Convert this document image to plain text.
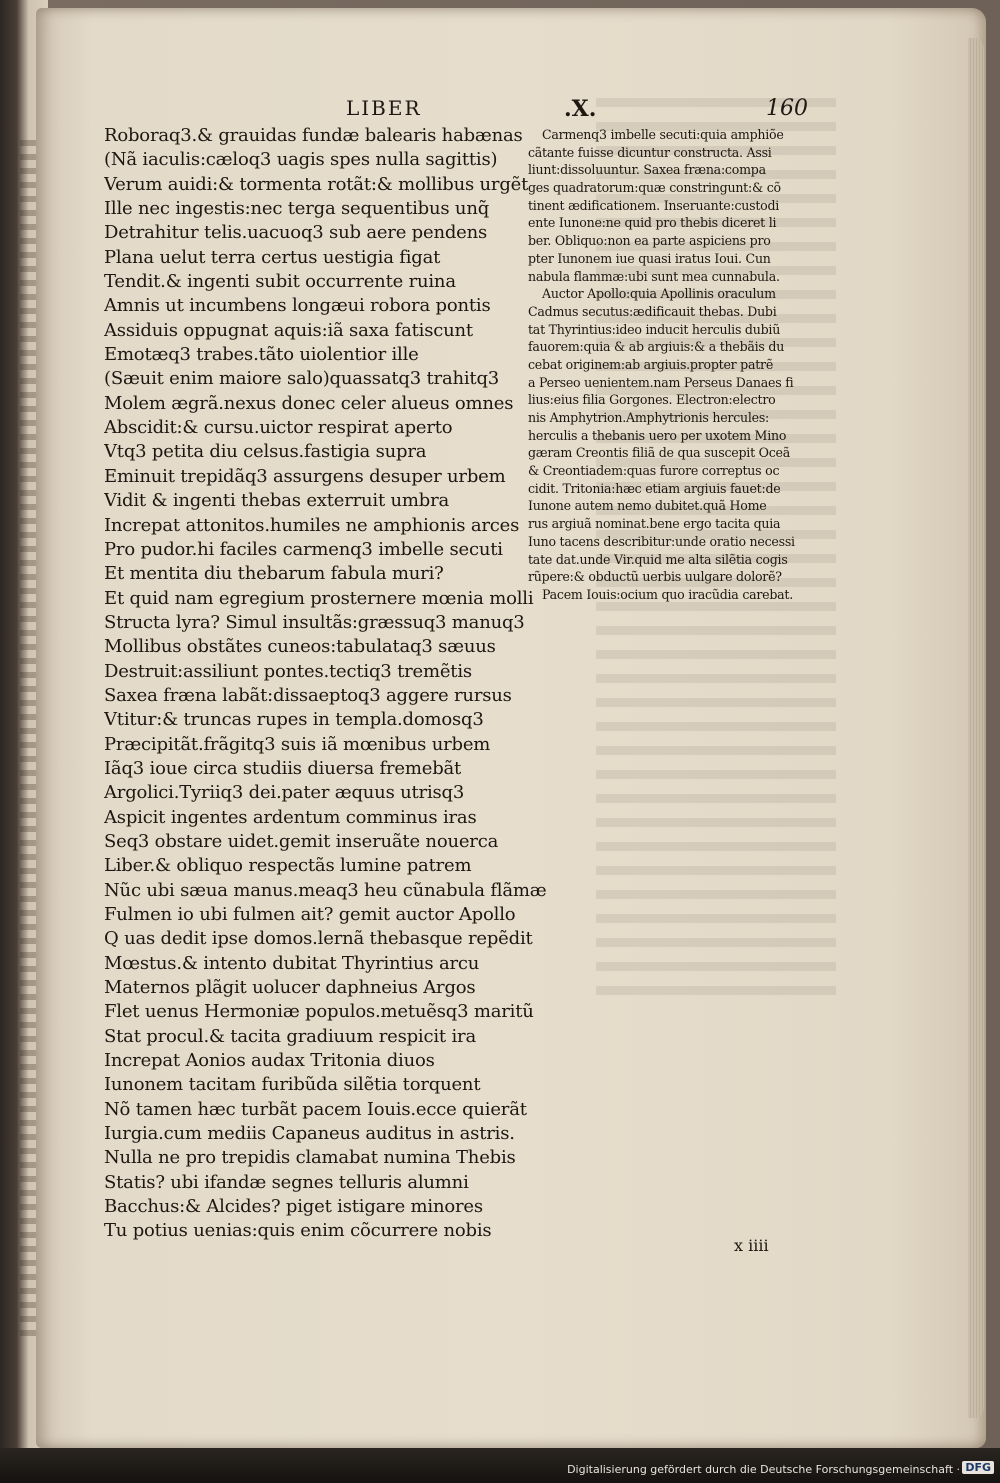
LIBER	.X.	160
Roboraq3.& grauidas fundæ balearis habænas
(Nã iaculis:cæloq3 uagis spes nulla sagittis)
Verum auidi:& tormenta rotãt:& mollibus urgẽt
Ille nec ingestis:nec terga sequentibus unq̃
Detrahitur telis.uacuoq3 sub aere pendens
Plana uelut terra certus uestigia figat
Tendit.& ingenti subit occurrente ruina
Amnis ut incumbens longæui robora pontis
Assiduis oppugnat aquis:iã saxa fatiscunt
Emotæq3 trabes.tãto uiolentior ille
(Sæuit enim maiore salo)quassatq3 trahitq3
Molem ægrã.nexus donec celer alueus omnes
Abscidit:& cursu.uictor respirat aperto
Vtq3 petita diu celsus.fastigia supra
Eminuit trepidãq3 assurgens desuper urbem
Vidit & ingenti thebas exterruit umbra
Increpat attonitos.humiles ne amphionis arces
Pro pudor.hi faciles carmenq3 imbelle secuti
Et mentita diu thebarum fabula muri?
Et quid nam egregium prosternere mœnia molli
Structa lyra? Simul insultãs:græssuq3 manuq3
Mollibus obstãtes cuneos:tabulataq3 sæuus
Destruit:assiliunt pontes.tectiq3 tremẽtis
Saxea fræna labãt:dissaeptoq3 aggere rursus
Vtitur:& truncas rupes in templa.domosq3
Præcipitãt.frãgitq3 suis iã mœnibus urbem
Iãq3 ioue circa studiis diuersa fremebãt
Argolici.Tyriiq3 dei.pater æquus utrisq3
Aspicit ingentes ardentum comminus iras
Seq3 obstare uidet.gemit inseruãte nouerca
Liber.& obliquo respectãs lumine patrem
Nũc ubi sæua manus.meaq3 heu cũnabula flãmæ
Fulmen io ubi fulmen ait? gemit auctor Apollo
Q uas dedit ipse domos.lernã thebasque repẽdit
Mœstus.& intento dubitat Thyrintius arcu
Maternos plãgit uolucer daphneius Argos
Flet uenus Hermoniæ populos.metuẽsq3 maritũ
Stat procul.& tacita gradiuum respicit ira
Increpat Aonios audax Tritonia diuos
Iunonem tacitam furibũda silẽtia torquent
Nõ tamen hæc turbãt pacem Iouis.ecce quierãt
Iurgia.cum mediis Capaneus auditus in astris.
Nulla ne pro trepidis clamabat numina Thebis
Statis? ubi ifandæ segnes telluris alumni
Bacchus:& Alcides? piget istigare minores
Tu potius uenias:quis enim cõcurrere nobis
Carmenq3 imbelle secuti:quia amphiõe
cãtante fuisse dicuntur constructa. Assi
liunt:dissoluuntur. Saxea fræna:compa
ges quadratorum:quæ constringunt:& cõ
tinent ædificationem. Inseruante:custodi
ente Iunone:ne quid pro thebis diceret li
ber. Obliquo:non ea parte aspiciens pro
pter Iunonem iue quasi iratus Ioui. Cun
nabula flammæ:ubi sunt mea cunnabula.
Auctor Apollo:quia Apollinis oraculum
Cadmus secutus:ædificauit thebas. Dubi
tat Thyrintius:ideo inducit herculis dubiũ
fauorem:quia & ab argiuis:& a thebãis du
cebat originem:ab argiuis.propter patrẽ
a Perseo uenientem.nam Perseus Danaes fi
lius:eius filia Gorgones. Electron:electro
nis Amphytrion.Amphytrionis hercules:
herculis a thebanis uero per uxotem Mino
gæram Creontis filiã de qua suscepit Oceã
& Creontiadem:quas furore correptus oc
cidit. Tritonia:hæc etiam argiuis fauet:de
Iunone autem nemo dubitet.quã Home
rus argiuã nominat.bene ergo tacita quia
Iuno tacens describitur:unde oratio necessi
tate dat.unde Vir.quid me alta silẽtia cogis
rũpere:& obductũ uerbis uulgare dolorẽ?
Pacem Iouis:ocium quo iracũdia carebat.
x iiii
Digitalisierung gefördert durch die Deutsche Forschungsgemeinschaft · DFG
